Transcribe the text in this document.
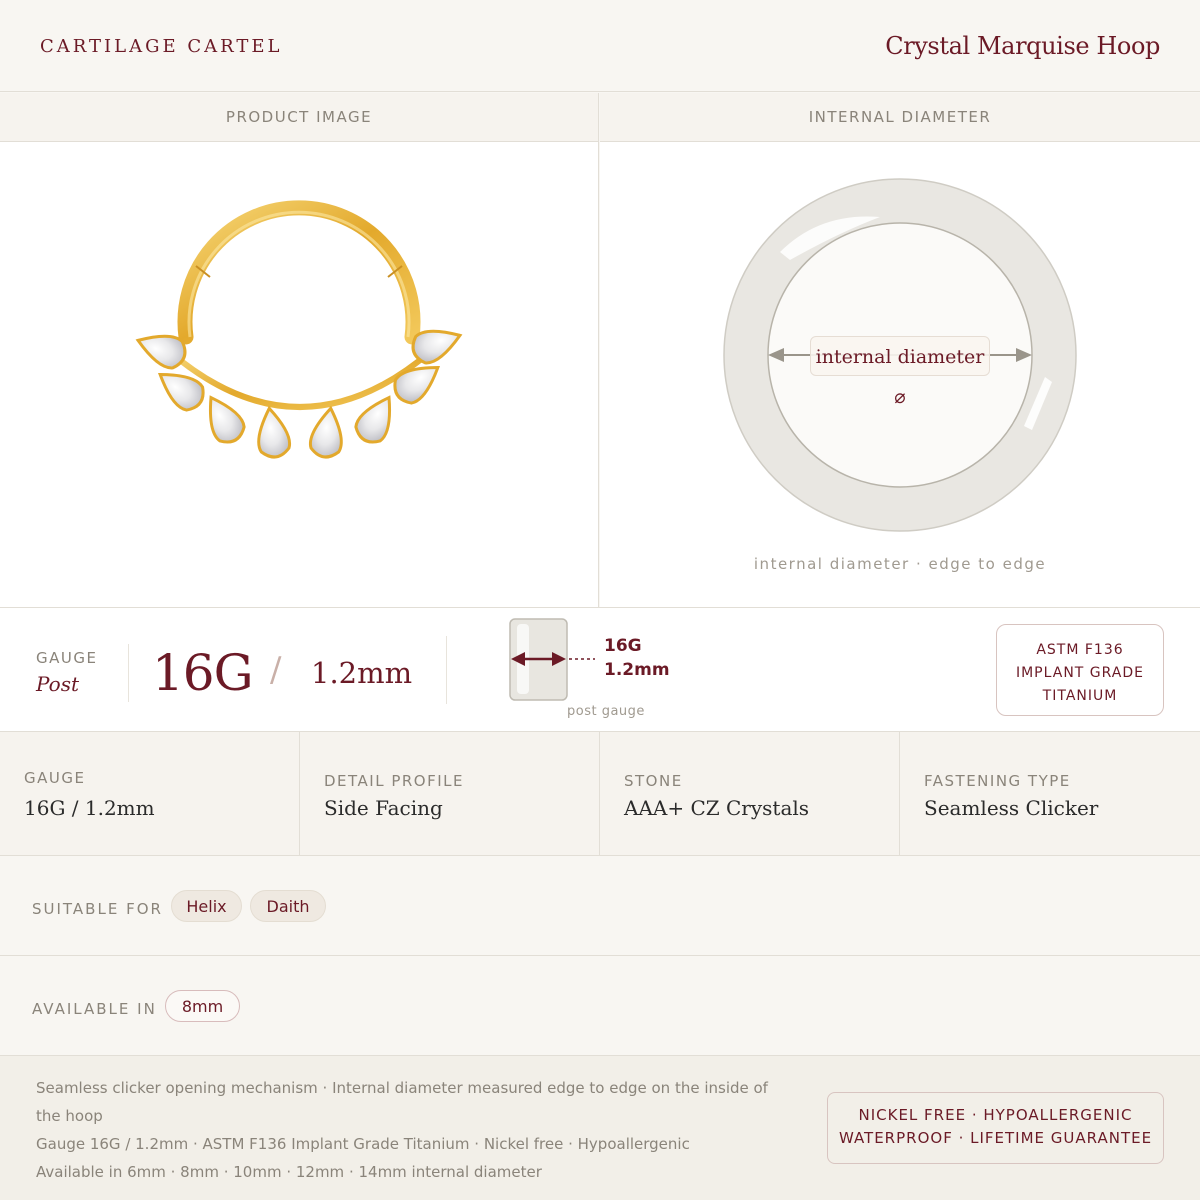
CARTILAGE CARTEL	Crystal Marquise Hoop
PRODUCT IMAGE	INTERNAL DIAMETER
internal diameter ⌀
internal diameter · edge to edge
GAUGE
Post 16G / 1.2mm
16G
1.2mm
post gauge
ASTM F136
IMPLANT GRADE
TITANIUM
GAUGE
16G / 1.2mm
DETAIL PROFILE
Side Facing
STONE
AAA+ CZ Crystals
FASTENING TYPE
Seamless Clicker
SUITABLE FOR	Helix	Daith
AVAILABLE IN	8mm
Seamless clicker opening mechanism · Internal diameter measured edge to edge on the inside of the hoop
Gauge 16G / 1.2mm · ASTM F136 Implant Grade Titanium · Nickel free · Hypoallergenic
Available in 6mm · 8mm · 10mm · 12mm · 14mm internal diameter
NICKEL FREE · HYPOALLERGENIC
WATERPROOF · LIFETIME GUARANTEE
